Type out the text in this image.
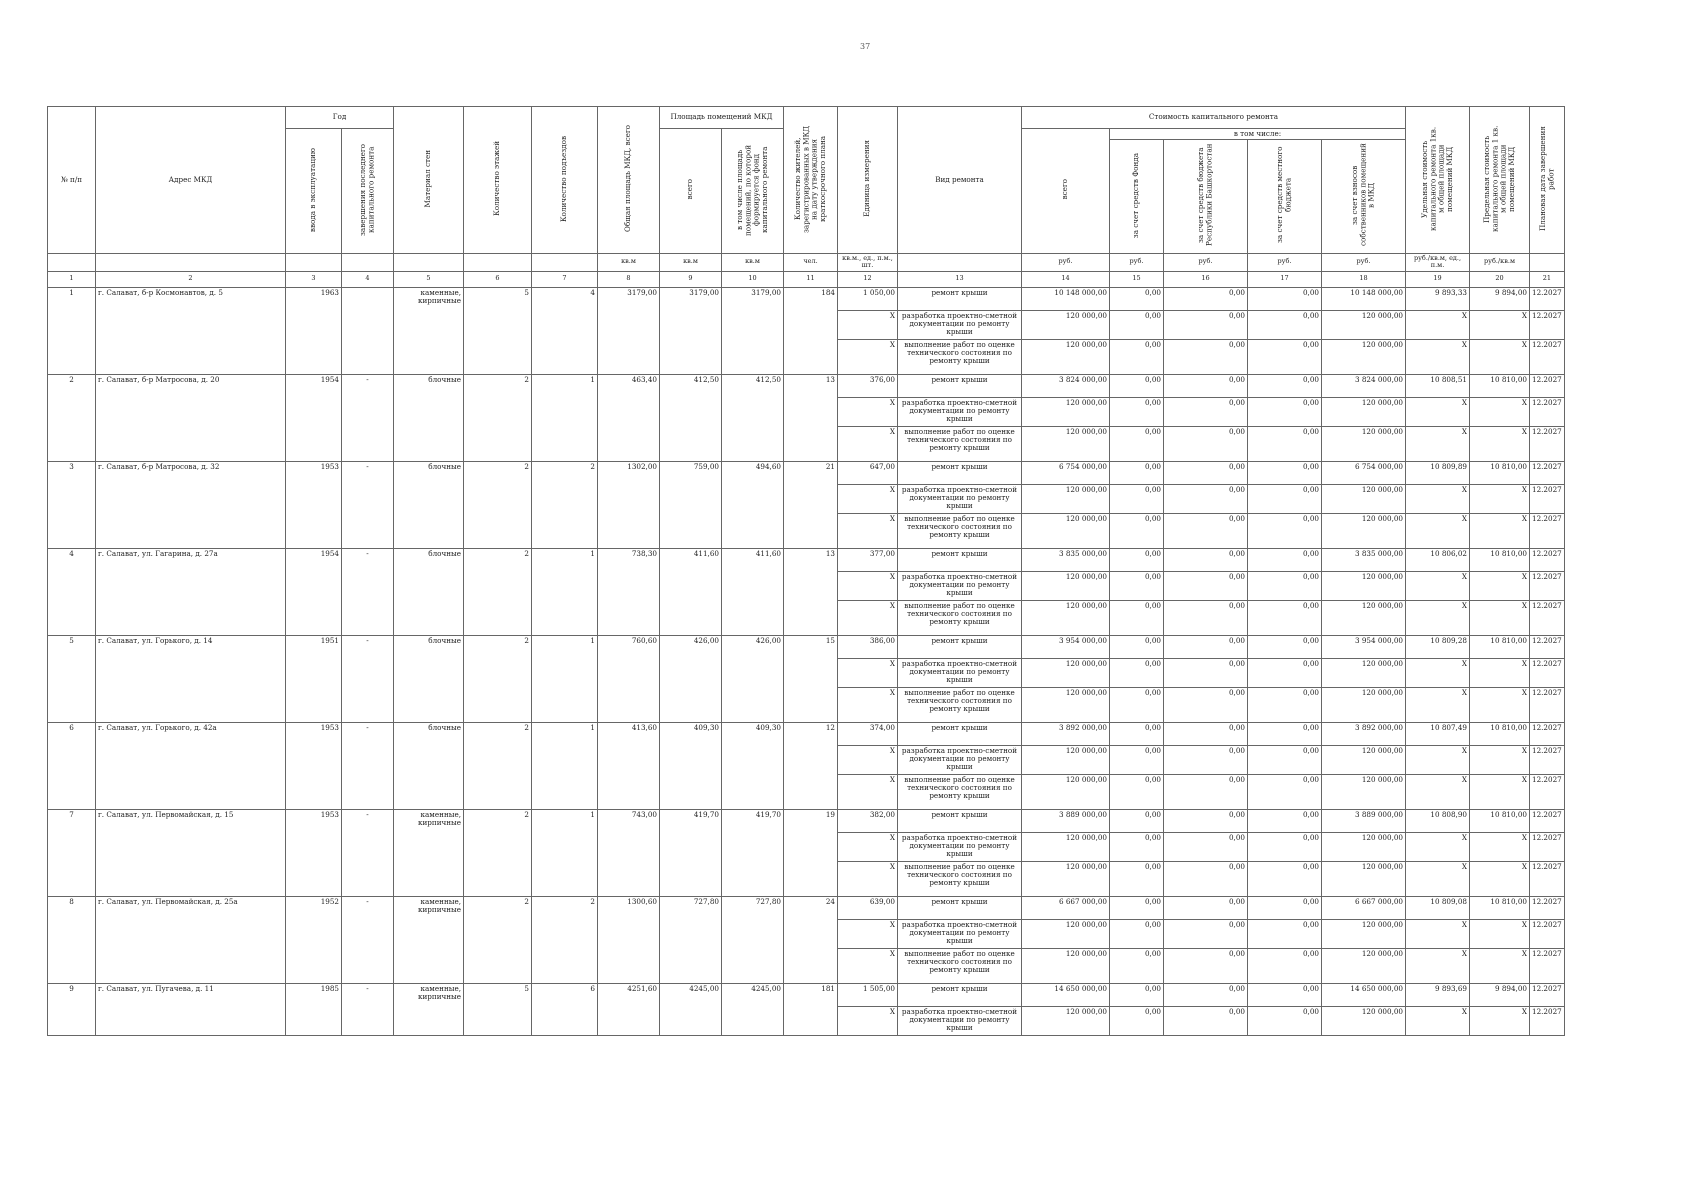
37
№ п/п	Адрес МКД	Год		Материал стен	Количество этажей	Количество подъездов	Общая площадь МКД, всего	Площадь помещений МКД		Количество жителей, зарегистрированных в МКД на дату утверждения краткосрочного плана	Единица измерения	Вид ремонта	Стоимость капитального ремонта					Удельная стоимость капитального ремонта 1кв. м общей площади помещений МКД	Предельная стоимость капитального ремонта 1 кв. м общей площади помещений МКД	Плановая дата завершения работ
		ввода в эксплуатацию	завершения последнего капитального ремонта					всего	в том числе площадь помещений, по которой формируется фонд капитального ремонта				всего	в том числе:						
														за счет средств Фонда	за счет средств бюджета Республики Башкортостан	за счет средств местного бюджета	за счет взносов собственников помещений в МКД			
							кв.м	кв.м	кв.м	чел.	кв.м., ед., п.м., шт.		руб.	руб.	руб.	руб.	руб.	руб./кв.м, ед., п.м.	руб./кв.м	
1	2	3	4	5	6	7	8	9	10	11	12	13	14	15	16	17	18	19	20	21
1	г. Салават, б-р Космонавтов, д. 5	1963		каменные, кирпичные	5	4	3179,00	3179,00	3179,00	184	1 050,00	ремонт крыши	10 148 000,00	0,00	0,00	0,00	10 148 000,00	9 893,33	9 894,00	12.2027
											X	разработка проектно-сметной документации по ремонту крыши	120 000,00	0,00	0,00	0,00	120 000,00	X	X	12.2027
											X	выполнение работ по оценке технического состояния по ремонту крыши	120 000,00	0,00	0,00	0,00	120 000,00	X	X	12.2027
2	г. Салават, б-р Матросова, д. 20	1954	-	блочные	2	1	463,40	412,50	412,50	13	376,00	ремонт крыши	3 824 000,00	0,00	0,00	0,00	3 824 000,00	10 808,51	10 810,00	12.2027
											X	разработка проектно-сметной документации по ремонту крыши	120 000,00	0,00	0,00	0,00	120 000,00	X	X	12.2027
											X	выполнение работ по оценке технического состояния по ремонту крыши	120 000,00	0,00	0,00	0,00	120 000,00	X	X	12.2027
3	г. Салават, б-р Матросова, д. 32	1953	-	блочные	2	2	1302,00	759,00	494,60	21	647,00	ремонт крыши	6 754 000,00	0,00	0,00	0,00	6 754 000,00	10 809,89	10 810,00	12.2027
											X	разработка проектно-сметной документации по ремонту крыши	120 000,00	0,00	0,00	0,00	120 000,00	X	X	12.2027
											X	выполнение работ по оценке технического состояния по ремонту крыши	120 000,00	0,00	0,00	0,00	120 000,00	X	X	12.2027
4	г. Салават, ул. Гагарина, д. 27а	1954	-	блочные	2	1	738,30	411,60	411,60	13	377,00	ремонт крыши	3 835 000,00	0,00	0,00	0,00	3 835 000,00	10 806,02	10 810,00	12.2027
											X	разработка проектно-сметной документации по ремонту крыши	120 000,00	0,00	0,00	0,00	120 000,00	X	X	12.2027
											X	выполнение работ по оценке технического состояния по ремонту крыши	120 000,00	0,00	0,00	0,00	120 000,00	X	X	12.2027
5	г. Салават, ул. Горького, д. 14	1951	-	блочные	2	1	760,60	426,00	426,00	15	386,00	ремонт крыши	3 954 000,00	0,00	0,00	0,00	3 954 000,00	10 809,28	10 810,00	12.2027
											X	разработка проектно-сметной документации по ремонту крыши	120 000,00	0,00	0,00	0,00	120 000,00	X	X	12.2027
											X	выполнение работ по оценке технического состояния по ремонту крыши	120 000,00	0,00	0,00	0,00	120 000,00	X	X	12.2027
6	г. Салават, ул. Горького, д. 42а	1953	-	блочные	2	1	413,60	409,30	409,30	12	374,00	ремонт крыши	3 892 000,00	0,00	0,00	0,00	3 892 000,00	10 807,49	10 810,00	12.2027
											X	разработка проектно-сметной документации по ремонту крыши	120 000,00	0,00	0,00	0,00	120 000,00	X	X	12.2027
											X	выполнение работ по оценке технического состояния по ремонту крыши	120 000,00	0,00	0,00	0,00	120 000,00	X	X	12.2027
7	г. Салават, ул. Первомайская, д. 15	1953	-	каменные, кирпичные	2	1	743,00	419,70	419,70	19	382,00	ремонт крыши	3 889 000,00	0,00	0,00	0,00	3 889 000,00	10 808,90	10 810,00	12.2027
											X	разработка проектно-сметной документации по ремонту крыши	120 000,00	0,00	0,00	0,00	120 000,00	X	X	12.2027
											X	выполнение работ по оценке технического состояния по ремонту крыши	120 000,00	0,00	0,00	0,00	120 000,00	X	X	12.2027
8	г. Салават, ул. Первомайская, д. 25а	1952	-	каменные, кирпичные	2	2	1300,60	727,80	727,80	24	639,00	ремонт крыши	6 667 000,00	0,00	0,00	0,00	6 667 000,00	10 809,08	10 810,00	12.2027
											X	разработка проектно-сметной документации по ремонту крыши	120 000,00	0,00	0,00	0,00	120 000,00	X	X	12.2027
											X	выполнение работ по оценке технического состояния по ремонту крыши	120 000,00	0,00	0,00	0,00	120 000,00	X	X	12.2027
9	г. Салават, ул. Пугачева, д. 11	1985	-	каменные, кирпичные	5	6	4251,60	4245,00	4245,00	181	1 505,00	ремонт крыши	14 650 000,00	0,00	0,00	0,00	14 650 000,00	9 893,69	9 894,00	12.2027
											X	разработка проектно-сметной документации по ремонту крыши	120 000,00	0,00	0,00	0,00	120 000,00	X	X	12.2027
